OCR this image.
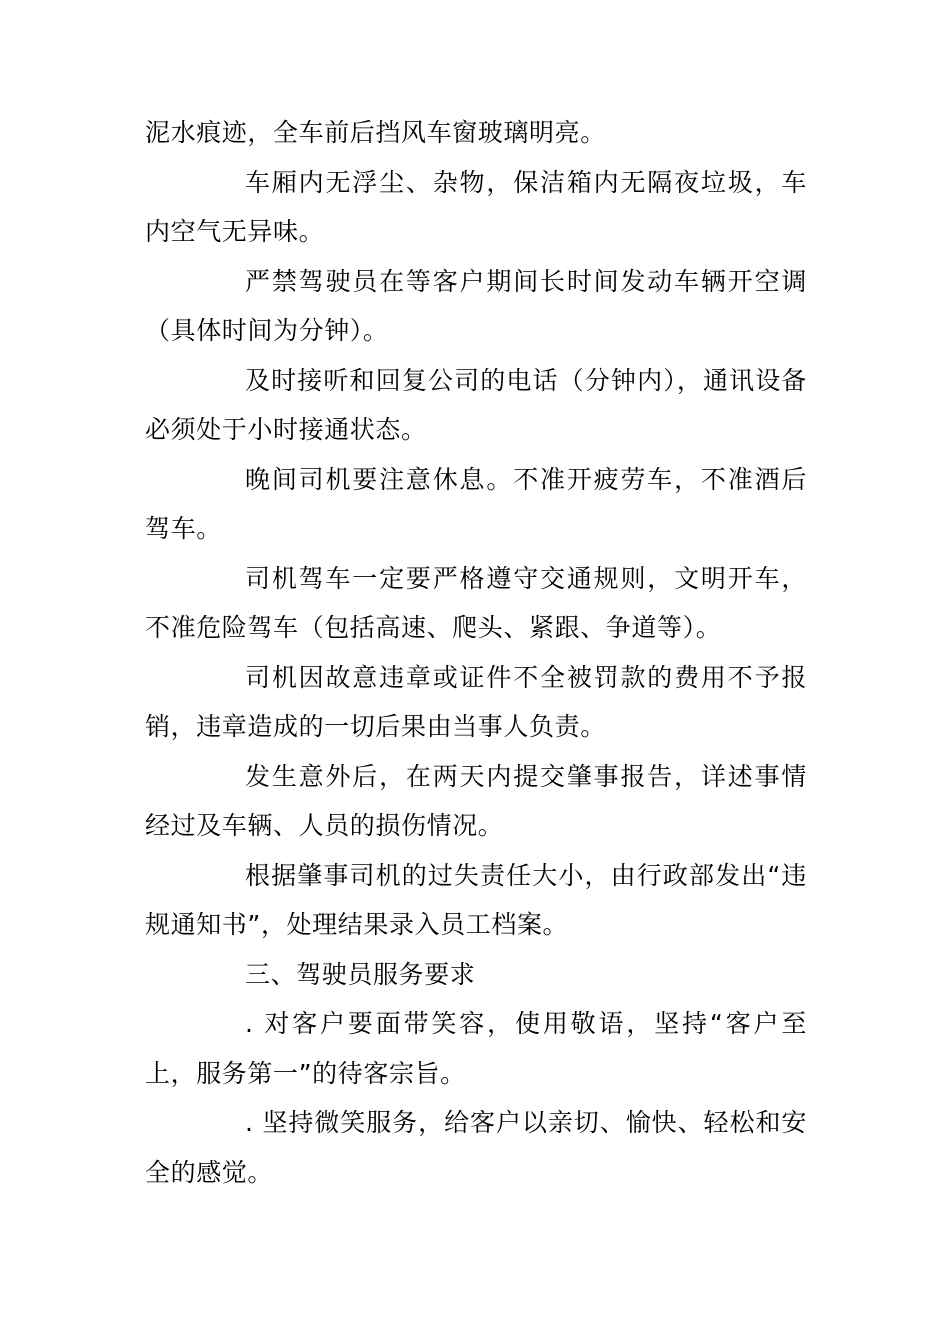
泥水痕迹，全车前后挡风车窗玻璃明亮。

车厢内无浮尘、杂物，保洁箱内无隔夜垃圾，车内空气无异味。

严禁驾驶员在等客户期间长时间发动车辆开空调（具体时间为分钟）。

及时接听和回复公司的电话（分钟内），通讯设备必须处于小时接通状态。

晚间司机要注意休息。不准开疲劳车，不准酒后驾车。

司机驾车一定要严格遵守交通规则，文明开车，不准危险驾车（包括高速、爬头、紧跟、争道等）。

司机因故意违章或证件不全被罚款的费用不予报销，违章造成的一切后果由当事人负责。

发生意外后，在两天内提交肇事报告，详述事情经过及车辆、人员的损伤情况。

根据肇事司机的过失责任大小，由行政部发出“违规通知书”，处理结果录入员工档案。

三、驾驶员服务要求

. 对客户要面带笑容，使用敬语，坚持“客户至上，服务第一”的待客宗旨。

. 坚持微笑服务，给客户以亲切、愉快、轻松和安全的感觉。
